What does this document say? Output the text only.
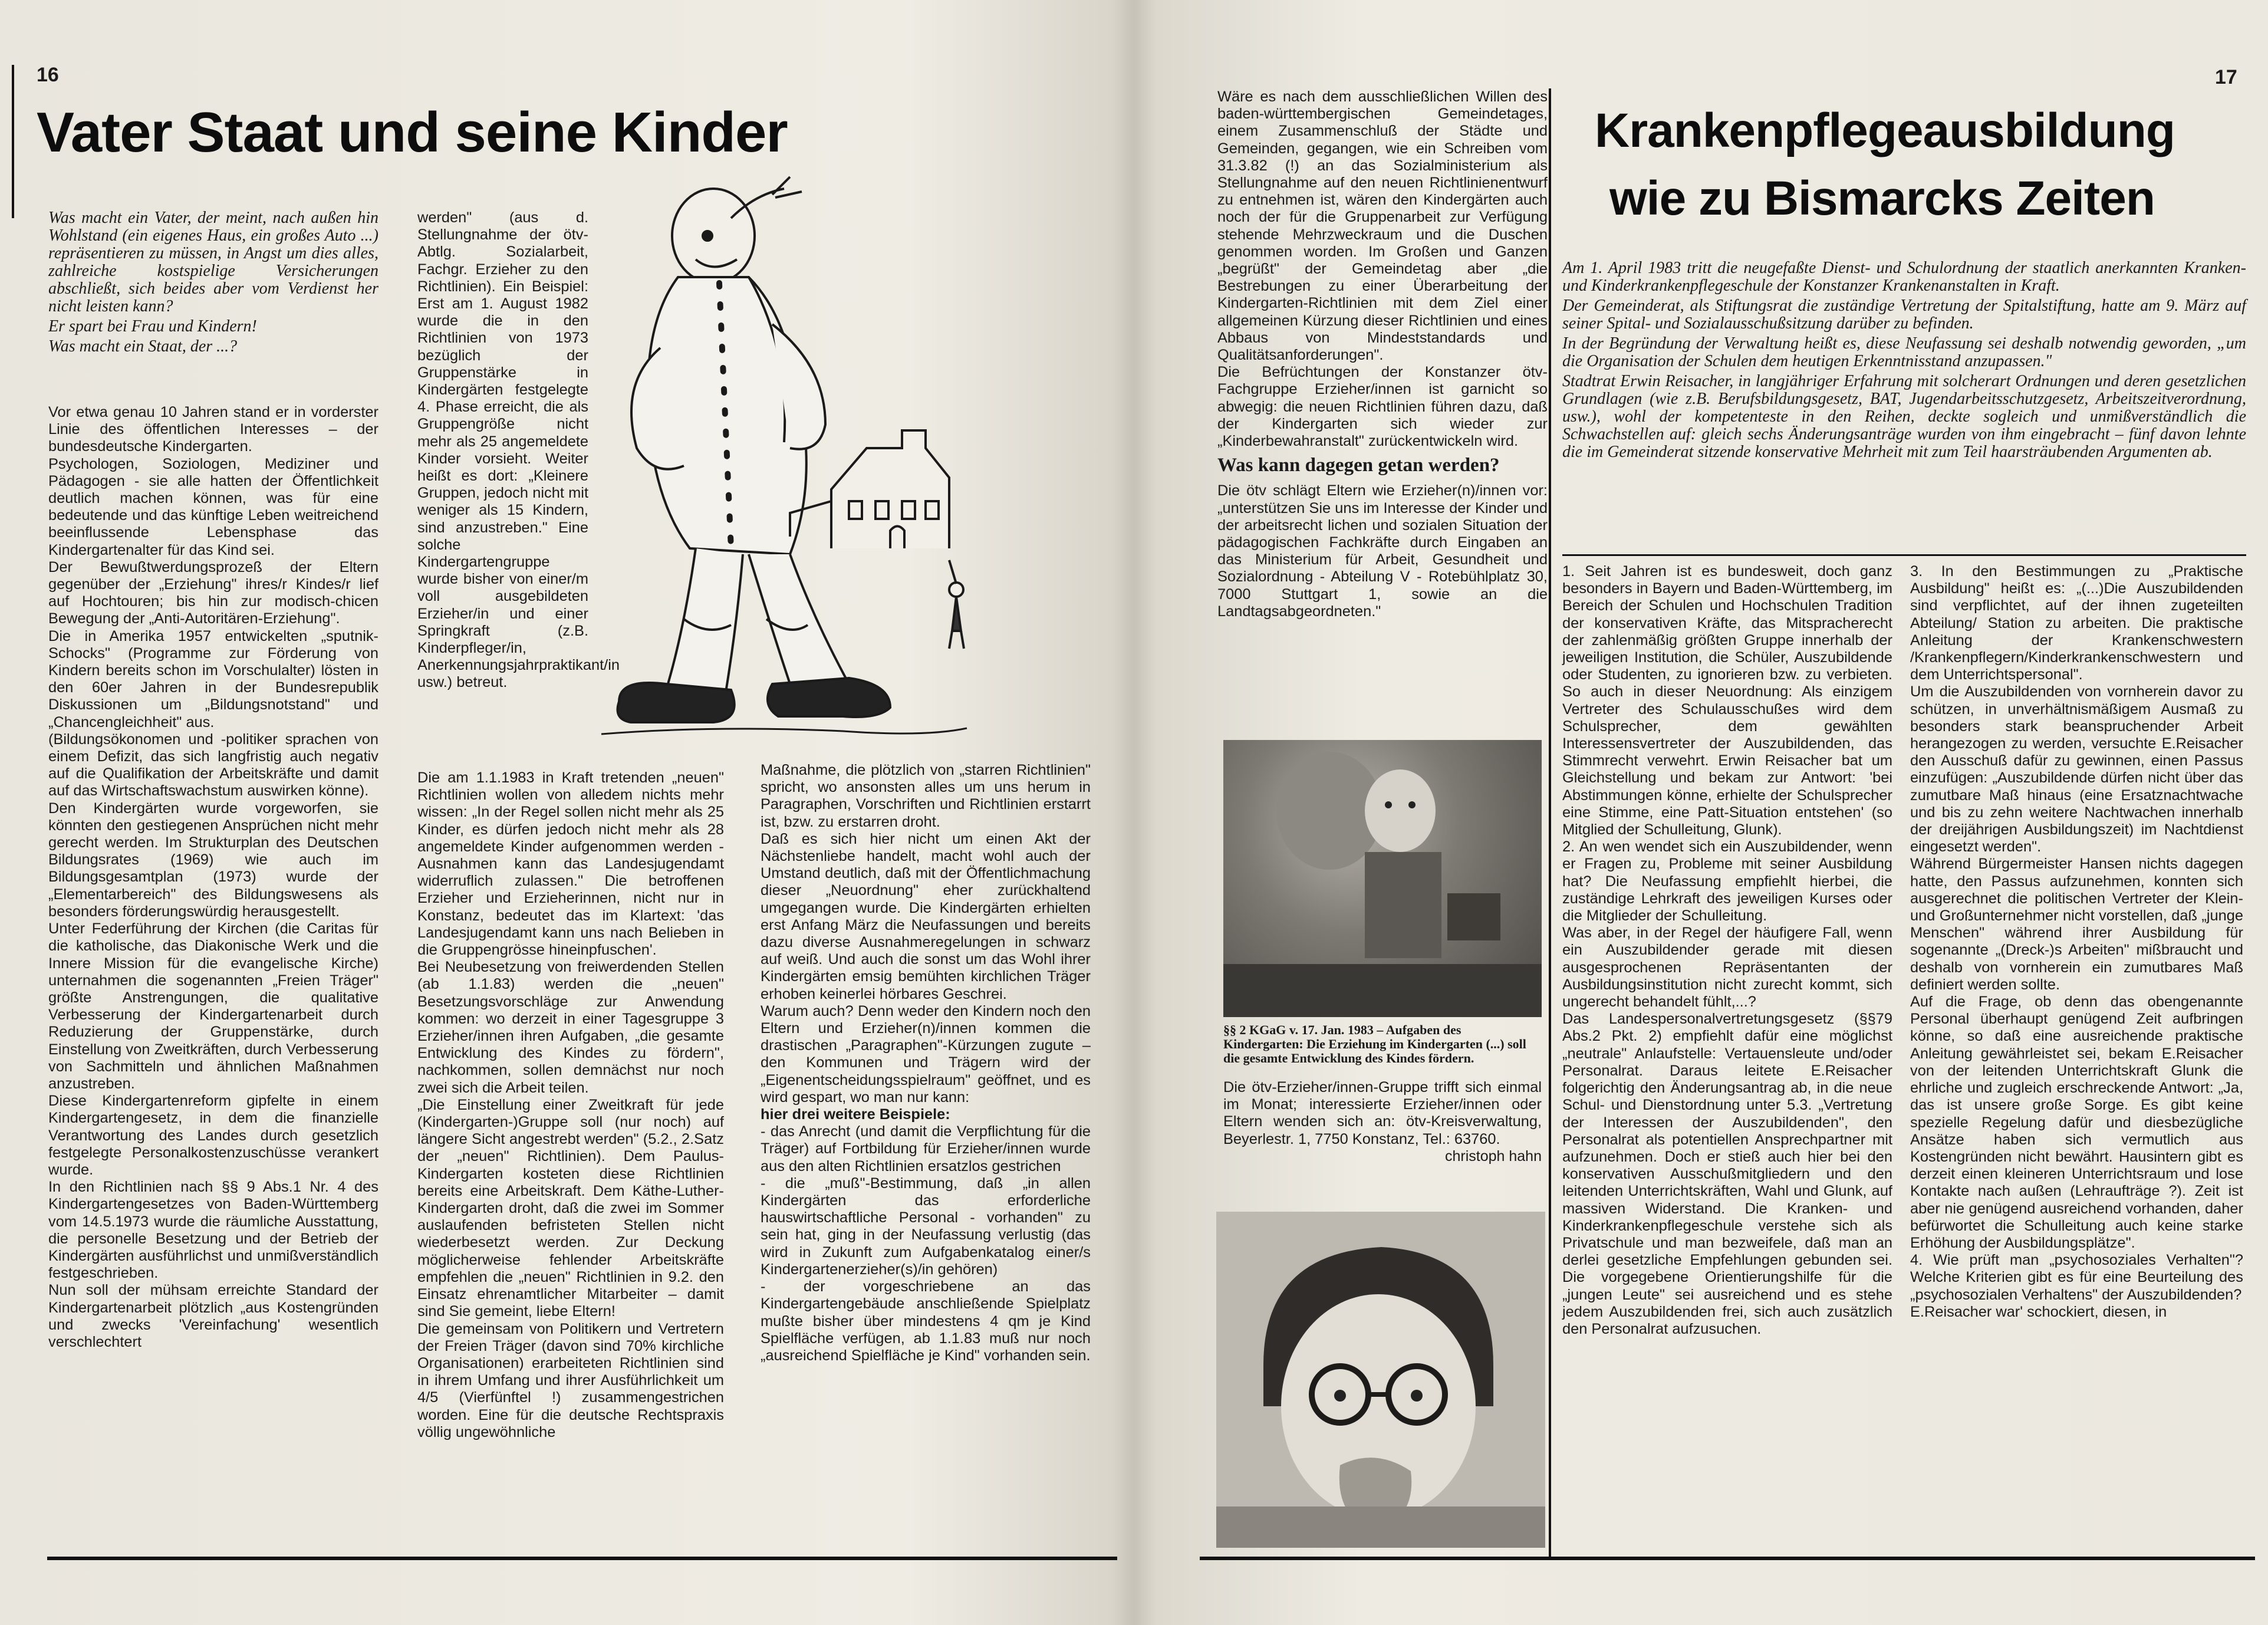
16
Vater Staat und seine Kinder

Was macht ein Vater, der meint, nach außen hin Wohlstand (ein eigenes Haus, ein großes Auto ...) repräsentieren zu müssen, in Angst um dies alles, zahlreiche kostspielige Versicherungen abschließt, sich beides aber vom Verdienst her nicht leisten kann?

Er spart bei Frau und Kindern!

Was macht ein Staat, der ...?

Vor etwa genau 10 Jahren stand er in vorderster Linie des öffentlichen Interesses – der bundesdeutsche Kindergarten.

Psychologen, Soziologen, Mediziner und Pädagogen - sie alle hatten der Öffentlichkeit deutlich machen können, was für eine bedeutende und das künftige Leben weitreichend beeinflussende Lebensphase das Kindergartenalter für das Kind sei.

Der Bewußtwerdungsprozeß der Eltern gegenüber der „Erziehung" ihres/r Kindes/r lief auf Hochtouren; bis hin zur modisch-chicen Bewegung der „Anti-Autoritären-Erziehung".

Die in Amerika 1957 entwickelten „sputnik-Schocks" (Programme zur Förderung von Kindern bereits schon im Vorschulalter) lösten in den 60er Jahren in der Bundesrepublik Diskussionen um „Bildungsnotstand" und „Chancengleichheit" aus.

(Bildungsökonomen und -politiker sprachen von einem Defizit, das sich langfristig auch negativ auf die Qualifikation der Arbeitskräfte und damit auf das Wirtschaftswachstum auswirken könne).

Den Kindergärten wurde vorgeworfen, sie könnten den gestiegenen Ansprüchen nicht mehr gerecht werden. Im Strukturplan des Deutschen Bildungsrates (1969) wie auch im Bildungsgesamtplan (1973) wurde der „Elementarbereich" des Bildungswesens als besonders förderungswürdig herausgestellt.

Unter Federführung der Kirchen (die Caritas für die katholische, das Diakonische Werk und die Innere Mission für die evangelische Kirche) unternahmen die sogenannten „Freien Träger" größte Anstrengungen, die qualitative Verbesserung der Kindergartenarbeit durch Reduzierung der Gruppenstärke, durch Einstellung von Zweitkräften, durch Verbesserung von Sachmitteln und ähnlichen Maßnahmen anzustreben.

Diese Kindergartenreform gipfelte in einem Kindergartengesetz, in dem die finanzielle Verantwortung des Landes durch gesetzlich festgelegte Personalkostenzuschüsse verankert wurde.

In den Richtlinien nach §§ 9 Abs.1 Nr. 4 des Kindergartengesetzes von Baden-Württemberg vom 14.5.1973 wurde die räumliche Ausstattung, die personelle Besetzung und der Betrieb der Kindergärten ausführlichst und unmißverständlich festgeschrieben.

Nun soll der mühsam erreichte Standard der Kindergartenarbeit plötzlich „aus Kostengründen und zwecks 'Vereinfachung' wesentlich verschlechtert

werden" (aus d. Stellungnahme der ötv-Abtlg. Sozialarbeit, Fachgr. Erzieher zu den Richtlinien). Ein Beispiel: Erst am 1. August 1982 wurde die in den Richtlinien von 1973 bezüglich der Gruppenstärke in Kindergärten festgelegte 4. Phase erreicht, die als Gruppengröße nicht mehr als 25 angemeldete Kinder vorsieht. Weiter heißt es dort: „Kleinere Gruppen, jedoch nicht mit weniger als 15 Kindern, sind anzustreben." Eine solche Kindergartengruppe wurde bisher von einer/m voll ausgebildeten Erzieher/in und einer Springkraft (z.B. Kinderpfleger/in, Anerkennungsjahrpraktikant/in usw.) betreut.

Die am 1.1.1983 in Kraft tretenden „neuen" Richtlinien wollen von alledem nichts mehr wissen: „In der Regel sollen nicht mehr als 25 Kinder, es dürfen jedoch nicht mehr als 28 angemeldete Kinder aufgenommen werden - Ausnahmen kann das Landesjugendamt widerruflich zulassen." Die betroffenen Erzieher und Erzieherinnen, nicht nur in Konstanz, bedeutet das im Klartext: 'das Landesjugendamt kann uns nach Belieben in die Gruppengrösse hineinpfuschen'.

Bei Neubesetzung von freiwerdenden Stellen (ab 1.1.83) werden die „neuen" Besetzungsvorschläge zur Anwendung kommen: wo derzeit in einer Tagesgruppe 3 Erzieher/innen ihren Aufgaben, „die gesamte Entwicklung des Kindes zu fördern", nachkommen, sollen demnächst nur noch zwei sich die Arbeit teilen.

„Die Einstellung einer Zweitkraft für jede (Kindergarten-)Gruppe soll (nur noch) auf längere Sicht angestrebt werden" (5.2., 2.Satz der „neuen" Richtlinien). Dem Paulus-Kindergarten kosteten diese Richtlinien bereits eine Arbeitskraft. Dem Käthe-Luther-Kindergarten droht, daß die zwei im Sommer auslaufenden befristeten Stellen nicht wiederbesetzt werden. Zur Deckung möglicherweise fehlender Arbeitskräfte empfehlen die „neuen" Richtlinien in 9.2. den Einsatz ehrenamtlicher Mitarbeiter – damit sind Sie gemeint, liebe Eltern!

Die gemeinsam von Politikern und Vertretern der Freien Träger (davon sind 70% kirchliche Organisationen) erarbeiteten Richtlinien sind in ihrem Umfang und ihrer Ausführlichkeit um 4/5 (Vierfünftel !) zusammengestrichen worden. Eine für die deutsche Rechtspraxis völlig ungewöhnliche

Maßnahme, die plötzlich von „starren Richtlinien" spricht, wo ansonsten alles um uns herum in Paragraphen, Vorschriften und Richtlinien erstarrt ist, bzw. zu erstarren droht.

Daß es sich hier nicht um einen Akt der Nächstenliebe handelt, macht wohl auch der Umstand deutlich, daß mit der Öffentlichmachung dieser „Neuordnung" eher zurückhaltend umgegangen wurde. Die Kindergärten erhielten erst Anfang März die Neufassungen und bereits dazu diverse Ausnahmeregelungen in schwarz auf weiß. Und auch die sonst um das Wohl ihrer Kindergärten emsig bemühten kirchlichen Träger erhoben keinerlei hörbares Geschrei.

Warum auch? Denn weder den Kindern noch den Eltern und Erzieher(n)/innen kommen die drastischen „Paragraphen"-Kürzungen zugute – den Kommunen und Trägern wird der „Eigenentscheidungsspielraum" geöffnet, und es wird gespart, wo man nur kann:

hier drei weitere Beispiele:

- das Anrecht (und damit die Verpflichtung für die Träger) auf Fortbildung für Erzieher/innen wurde aus den alten Richtlinien ersatzlos gestrichen

- die „muß"-Bestimmung, daß „in allen Kindergärten das erforderliche hauswirtschaftliche Personal - vorhanden" zu sein hat, ging in der Neufassung verlustig (das wird in Zukunft zum Aufgabenkatalog einer/s Kindergartenerzieher(s)/in gehören)

- der vorgeschriebene an das Kindergartengebäude anschließende Spielplatz mußte bisher über mindestens 4 qm je Kind Spielfläche verfügen, ab 1.1.83 muß nur noch „ausreichend Spielfläche je Kind" vorhanden sein.

17

Wäre es nach dem ausschließlichen Willen des baden-württembergischen Gemeindetages, einem Zusammenschluß der Städte und Gemeinden, gegangen, wie ein Schreiben vom 31.3.82 (!) an das Sozialministerium als Stellungnahme auf den neuen Richtlinienentwurf zu entnehmen ist, wären den Kindergärten auch noch der für die Gruppenarbeit zur Verfügung stehende Mehrzweckraum und die Duschen genommen worden. Im Großen und Ganzen „begrüßt" der Gemeindetag aber „die Bestrebungen zu einer Überarbeitung der Kindergarten-Richtlinien mit dem Ziel einer allgemeinen Kürzung dieser Richtlinien und eines Abbaus von Mindeststandards und Qualitätsanforderungen".

Die Befrüchtungen der Konstanzer ötv-Fachgruppe Erzieher/innen ist garnicht so abwegig: die neuen Richtlinien führen dazu, daß der Kindergarten sich wieder zur „Kinderbewahranstalt" zurückentwickeln wird.

Was kann dagegen getan werden?

Die ötv schlägt Eltern wie Erzieher(n)/innen vor: „unterstützen Sie uns im Interesse der Kinder und der arbeitsrecht lichen und sozialen Situation der pädagogischen Fachkräfte durch Eingaben an das Ministerium für Arbeit, Gesundheit und Sozialordnung - Abteilung V - Rotebühlplatz 30, 7000 Stuttgart 1, sowie an die Landtagsabgeordneten."

§§ 2 KGaG v. 17. Jan. 1983 – Aufgaben des Kindergarten: Die Erziehung im Kindergarten (...) soll die gesamte Entwicklung des Kindes fördern.

Die ötv-Erzieher/innen-Gruppe trifft sich einmal im Monat; interessierte Erzieher/innen oder Eltern wenden sich an: ötv-Kreisverwaltung, Beyerlestr. 1, 7750 Konstanz, Tel.: 63760.

christoph hahn

Krankenpflegeausbildung
wie zu Bismarcks Zeiten

Am 1. April 1983 tritt die neugefaßte Dienst- und Schulordnung der staatlich anerkannten Kranken- und Kinderkrankenpflegeschule der Konstanzer Krankenanstalten in Kraft.

Der Gemeinderat, als Stiftungsrat die zuständige Vertretung der Spitalstiftung, hatte am 9. März auf seiner Spital- und Sozialausschußsitzung darüber zu befinden.

In der Begründung der Verwaltung heißt es, diese Neufassung sei deshalb notwendig geworden, „um die Organisation der Schulen dem heutigen Erkenntnisstand anzupassen."

Stadtrat Erwin Reisacher, in langjähriger Erfahrung mit solcherart Ordnungen und deren gesetzlichen Grundlagen (wie z.B. Berufsbildungsgesetz, BAT, Jugendarbeitsschutzgesetz, Arbeitszeitverordnung, usw.), wohl der kompetenteste in den Reihen, deckte sogleich und unmißverständlich die Schwachstellen auf: gleich sechs Änderungsanträge wurden von ihm eingebracht – fünf davon lehnte die im Gemeinderat sitzende konservative Mehrheit mit zum Teil haarsträubenden Argumenten ab.

1. Seit Jahren ist es bundesweit, doch ganz besonders in Bayern und Baden-Württemberg, im Bereich der Schulen und Hochschulen Tradition der konservativen Kräfte, das Mitspracherecht der zahlenmäßig größten Gruppe innerhalb der jeweiligen Institution, die Schüler, Auszubildende oder Studenten, zu ignorieren bzw. zu verbieten. So auch in dieser Neuordnung: Als einzigem Vertreter des Schulausschußes wird dem Schulsprecher, dem gewählten Interessensvertreter der Auszubildenden, das Stimmrecht verwehrt. Erwin Reisacher bat um Gleichstellung und bekam zur Antwort: 'bei Abstimmungen könne, erhielte der Schulsprecher eine Stimme, eine Patt-Situation entstehen' (so Mitglied der Schulleitung, Glunk).

2. An wen wendet sich ein Auszubildender, wenn er Fragen zu, Probleme mit seiner Ausbildung hat? Die Neufassung empfiehlt hierbei, die zuständige Lehrkraft des jeweiligen Kurses oder die Mitglieder der Schulleitung.

Was aber, in der Regel der häufigere Fall, wenn ein Auszubildender gerade mit diesen ausgesprochenen Repräsentanten der Ausbildungsinstitution nicht zurecht kommt, sich ungerecht behandelt fühlt,...?

Das Landespersonalvertretungsgesetz (§§79 Abs.2 Pkt. 2) empfiehlt dafür eine möglichst „neutrale" Anlaufstelle: Vertauensleute und/oder Personalrat. Daraus leitete E.Reisacher folgerichtig den Änderungsantrag ab, in die neue Schul- und Dienstordnung unter 5.3. „Vertretung der Interessen der Auszubildenden", den Personalrat als potentiellen Ansprechpartner mit aufzunehmen. Doch er stieß auch hier bei den konservativen Ausschußmitgliedern und den leitenden Unterrichtskräften, Wahl und Glunk, auf massiven Widerstand. Die Kranken- und Kinderkrankenpflegeschule verstehe sich als Privatschule und man bezweifele, daß man an derlei gesetzliche Empfehlungen gebunden sei. Die vorgegebene Orientierungshilfe für die „jungen Leute" sei ausreichend und es stehe jedem Auszubildenden frei, sich auch zusätzlich den Personalrat aufzusuchen.

3. In den Bestimmungen zu „Praktische Ausbildung" heißt es: „(...)Die Auszubildenden sind verpflichtet, auf der ihnen zugeteilten Abteilung/ Station zu arbeiten. Die praktische Anleitung der Krankenschwestern /Krankenpflegern/Kinderkrankenschwestern und dem Unterrichtspersonal".

Um die Auszubildenden von vornherein davor zu schützen, in unverhältnismäßigem Ausmaß zu besonders stark beanspruchender Arbeit herangezogen zu werden, versuchte E.Reisacher den Ausschuß dafür zu gewinnen, einen Passus einzufügen: „Auszubildende dürfen nicht über das zumutbare Maß hinaus (eine Ersatznachtwache und bis zu zehn weitere Nachtwachen innerhalb der dreijährigen Ausbildungszeit) im Nachtdienst eingesetzt werden".

Während Bürgermeister Hansen nichts dagegen hatte, den Passus aufzunehmen, konnten sich ausgerechnet die politischen Vertreter der Klein- und Großunternehmer nicht vorstellen, daß „junge Menschen" während ihrer Ausbildung für sogenannte „(Dreck-)s Arbeiten" mißbraucht und deshalb von vornherein ein zumutbares Maß definiert werden sollte.

Auf die Frage, ob denn das obengenannte Personal überhaupt genügend Zeit aufbringen könne, so daß eine ausreichende praktische Anleitung gewährleistet sei, bekam E.Reisacher von der leitenden Unterrichtskraft Glunk die ehrliche und zugleich erschreckende Antwort: „Ja, das ist unsere große Sorge. Es gibt keine spezielle Regelung dafür und diesbezügliche Ansätze haben sich vermutlich aus Kostengründen nicht bewährt. Hausintern gibt es derzeit einen kleineren Unterrichtsraum und lose Kontakte nach außen (Lehraufträge ?). Zeit ist aber nie genügend ausreichend vorhanden, daher befürwortet die Schulleitung auch keine starke Erhöhung der Ausbildungsplätze".

4. Wie prüft man „psychosoziales Verhalten"? Welche Kriterien gibt es für eine Beurteilung des „psychosozialen Verhaltens" der Auszubildenden?

E.Reisacher war' schockiert, diesen, in
